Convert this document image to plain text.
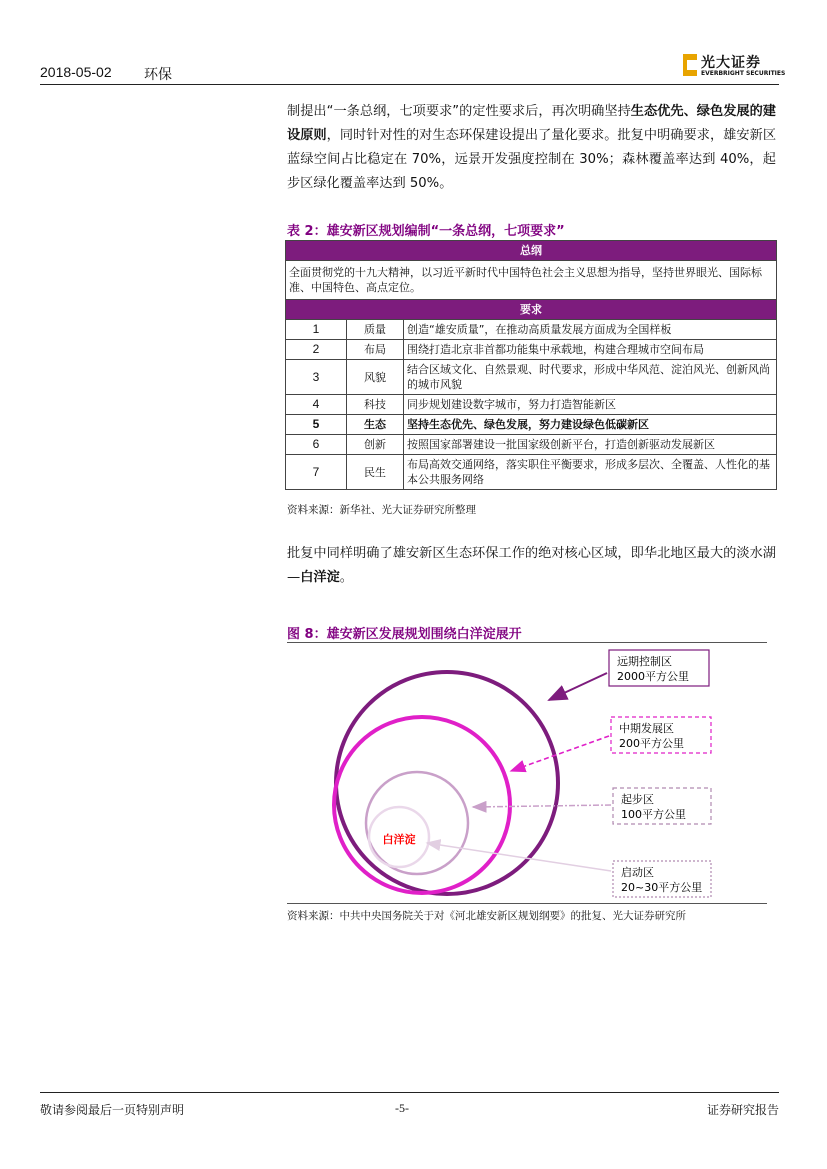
2018-05-02 环保
光大证券
EVERBRIGHT SECURITIES
制提出“一条总纲，七项要求”的定性要求后，再次明确坚持生态优先、绿色发展的建设原则，同时针对性的对生态环保建设提出了量化要求。批复中明确要求，雄安新区蓝绿空间占比稳定在 70%，远景开发强度控制在 30%；森林覆盖率达到 40%，起步区绿化覆盖率达到 50%。
表 2：雄安新区规划编制“一条总纲，七项要求”
总纲		
全面贯彻党的十九大精神，以习近平新时代中国特色社会主义思想为指导，坚持世界眼光、国际标准、中国特色、高点定位。		
要求		
1	质量	创造“雄安质量”，在推动高质量发展方面成为全国样板
2	布局	围绕打造北京非首都功能集中承载地，构建合理城市空间布局
3	风貌	结合区域文化、自然景观、时代要求，形成中华风范、淀泊风光、创新风尚的城市风貌
4	科技	同步规划建设数字城市，努力打造智能新区
5	生态	坚持生态优先、绿色发展，努力建设绿色低碳新区
6	创新	按照国家部署建设一批国家级创新平台，打造创新驱动发展新区
7	民生	布局高效交通网络，落实职住平衡要求，形成多层次、全覆盖、人性化的基本公共服务网络
资料来源：新华社、光大证券研究所整理
批复中同样明确了雄安新区生态环保工作的绝对核心区域，即华北地区最大的淡水湖—白洋淀。
图 8：雄安新区发展规划围绕白洋淀展开
白洋淀
远期控制区
2000平方公里
中期发展区
200平方公里
起步区
100平方公里
启动区
20~30平方公里
资料来源：中共中央国务院关于对《河北雄安新区规划纲要》的批复、光大证券研究所
敬请参阅最后一页特别声明	-5-	证券研究报告
